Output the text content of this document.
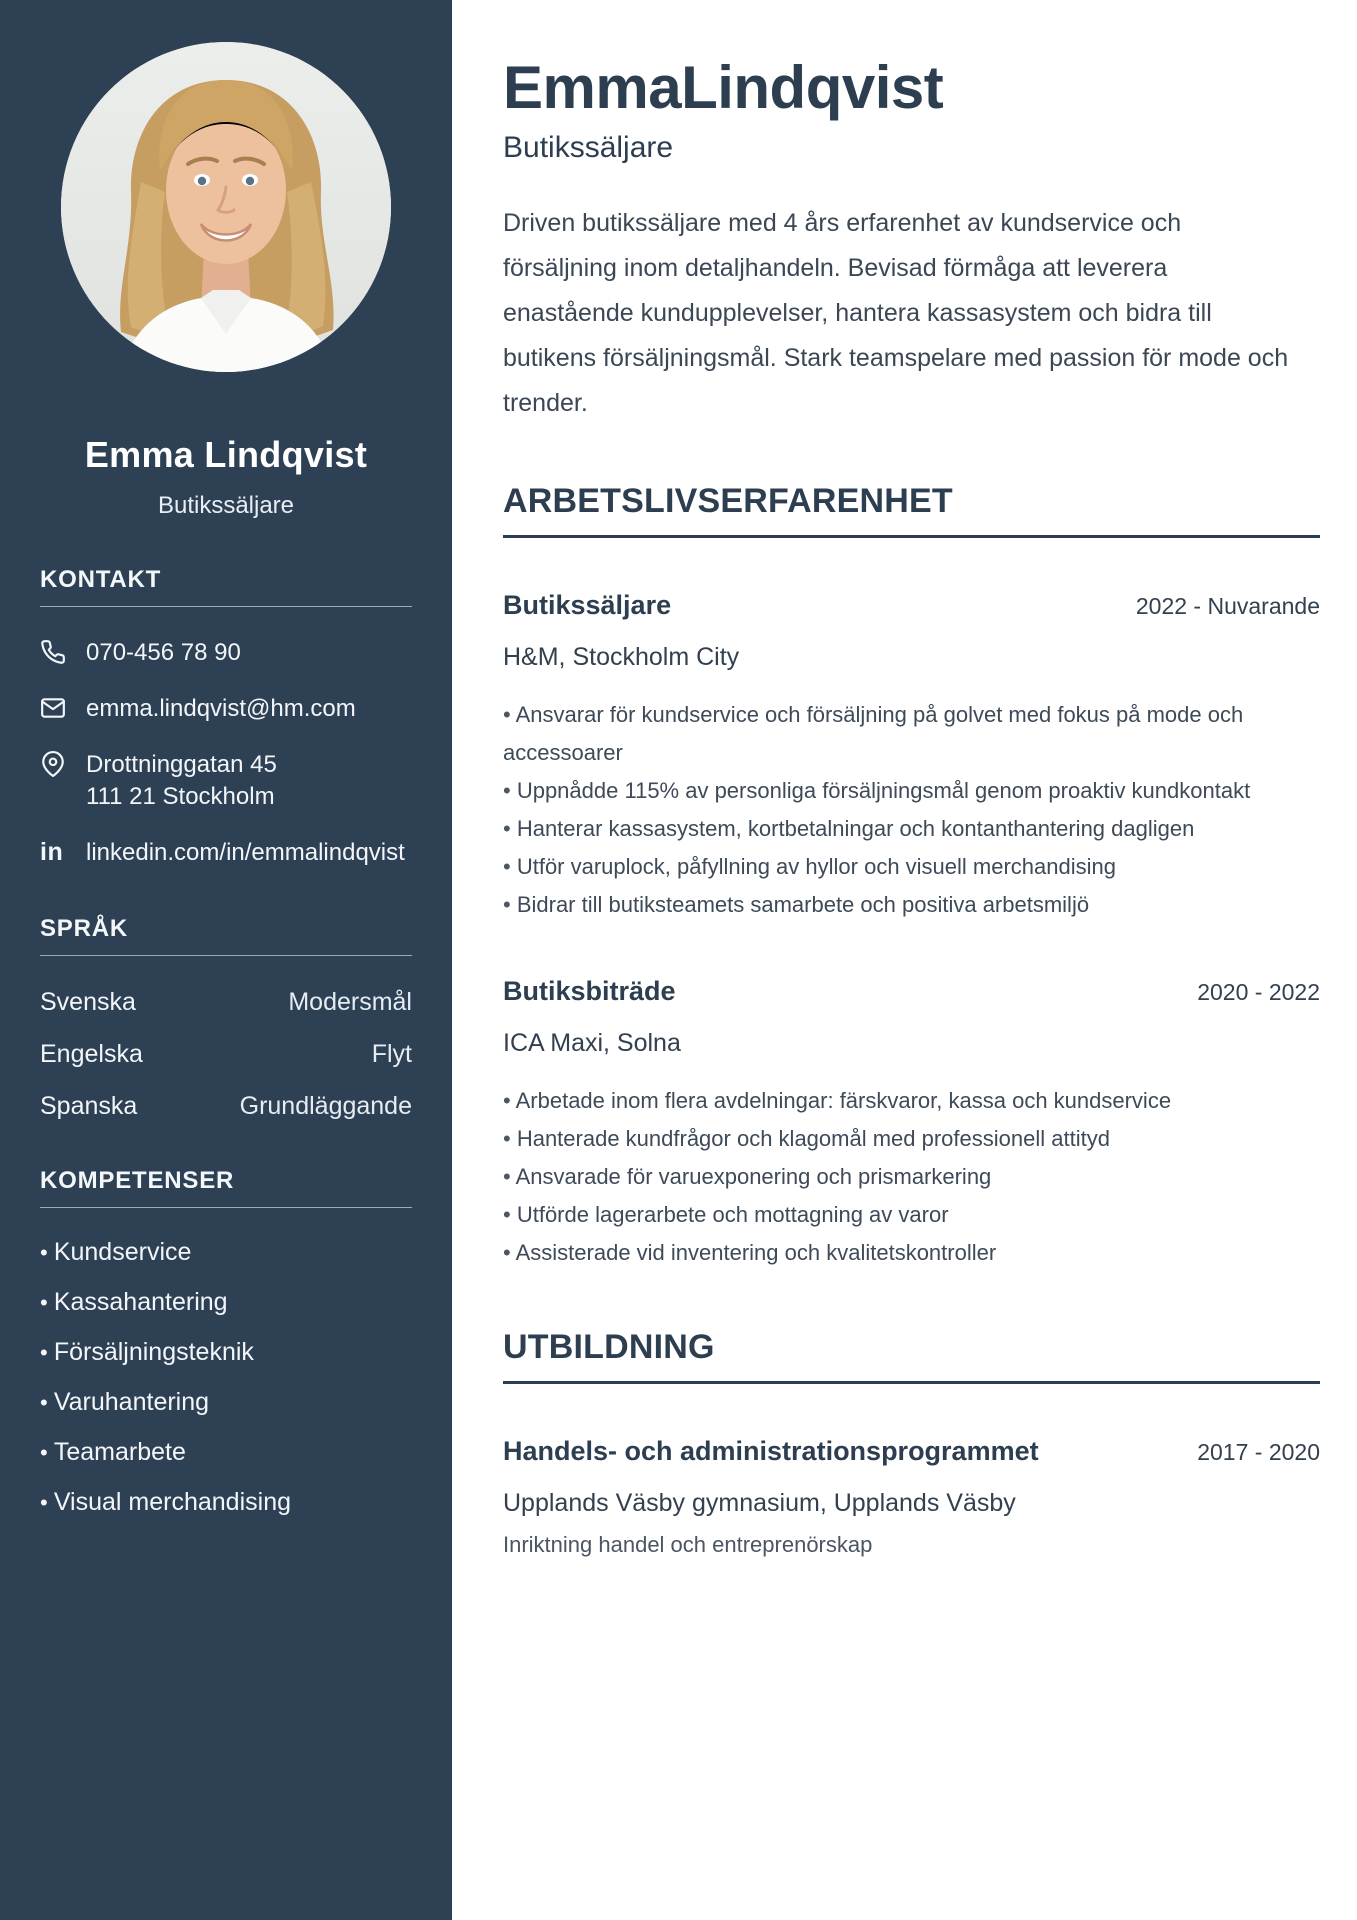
Emma Lindqvist
Butikssäljare
KONTAKT
070-456 78 90
emma.lindqvist@hm.com
Drottninggatan 45
111 21 Stockholm
in linkedin.com/in/emmalindqvist
SPRÅK
Svenska	Modersmål
Engelska	Flyt
Spanska	Grundläggande
KOMPETENSER
• Kundservice
• Kassahantering
• Försäljningsteknik
• Varuhantering
• Teamarbete
• Visual merchandising
EmmaLindqvist
Butikssäljare

Driven butikssäljare med 4 års erfarenhet av kundservice och försäljning inom detaljhandeln. Bevisad förmåga att leverera enastående kundupplevelser, hantera kassasystem och bidra till butikens försäljningsmål. Stark teamspelare med passion för mode och trender.

ARBETSLIVSERFARENHET
Butikssäljare	2022 - Nuvarande
H&M, Stockholm City
• Ansvarar för kundservice och försäljning på golvet med fokus på mode och accessoarer
• Uppnådde 115% av personliga försäljningsmål genom proaktiv kundkontakt
• Hanterar kassasystem, kortbetalningar och kontanthantering dagligen
• Utför varuplock, påfyllning av hyllor och visuell merchandising
• Bidrar till butiksteamets samarbete och positiva arbetsmiljö
Butiksbiträde	2020 - 2022
ICA Maxi, Solna
• Arbetade inom flera avdelningar: färskvaror, kassa och kundservice
• Hanterade kundfrågor och klagomål med professionell attityd
• Ansvarade för varuexponering och prismarkering
• Utförde lagerarbete och mottagning av varor
• Assisterade vid inventering och kvalitetskontroller
UTBILDNING
Handels- och administrationsprogrammet	2017 - 2020
Upplands Väsby gymnasium, Upplands Väsby
Inriktning handel och entreprenörskap
